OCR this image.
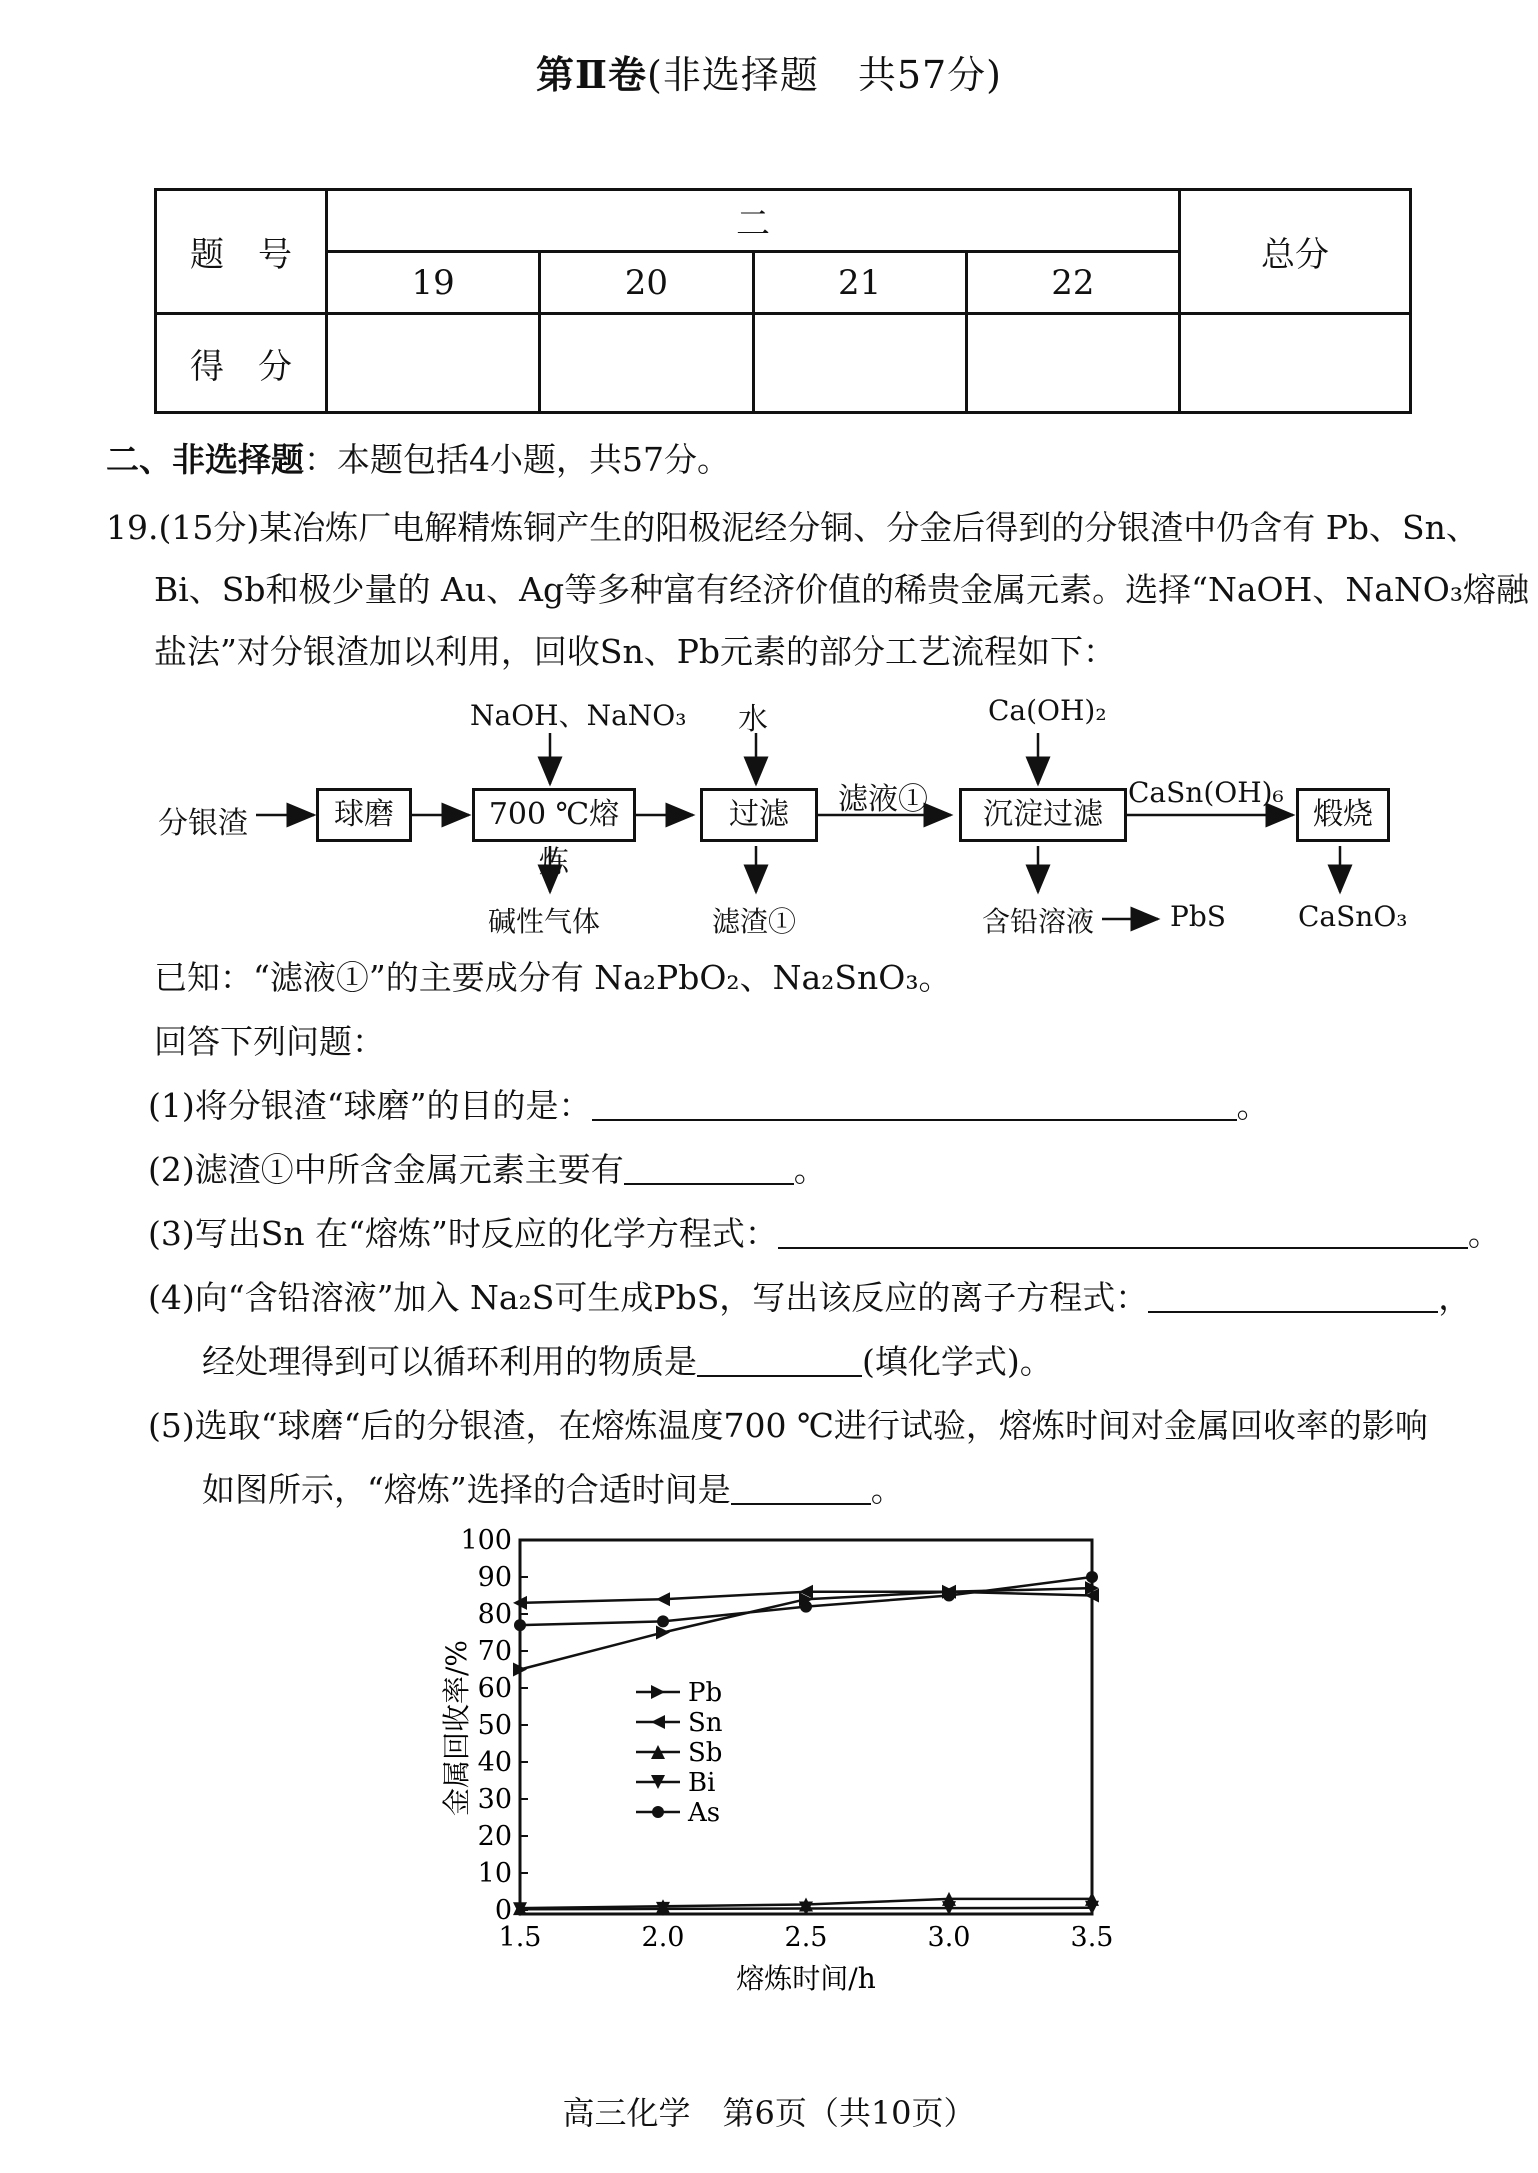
第Ⅱ卷(非选择题　共57分)
题　号	二				总分
	19	20	21	22	
得　分					
二、非选择题：本题包括4小题，共57分。
19.(15分)某冶炼厂电解精炼铜产生的阳极泥经分铜、分金后得到的分银渣中仍含有 Pb、Sn、
Bi、Sb和极少量的 Au、Ag等多种富有经济价值的稀贵金属元素。选择“NaOH、NaNO₃熔融
盐法”对分银渣加以利用，回收Sn、Pb元素的部分工艺流程如下：
分银渣	球磨	700 ℃熔炼
过滤	沉淀过滤	煅烧
NaOH、NaNO₃ 水	Ca(OH)₂
滤液①	CaSn(OH)₆
碱性气体	滤渣①	含铅溶液	PbS	CaSnO₃
已知：“滤液①”的主要成分有 Na₂PbO₂、Na₂SnO₃。
回答下列问题：
(1)将分银渣“球磨”的目的是：	。
(2)滤渣①中所含金属元素主要有	。
(3)写出Sn 在“熔炼”时反应的化学方程式：	。
(4)向“含铅溶液”加入 Na₂S可生成PbS，写出该反应的离子方程式：	，
经处理得到可以循环利用的物质是	(填化学式)。
(5)选取“球磨“后的分银渣，在熔炼温度700 ℃进行试验，熔炼时间对金属回收率的影响
如图所示，“熔炼”选择的合适时间是	。
0
10
20
30
40
50
60
70
80
90
100
1.5	2.0	2.5	3.0	3.5
Pb
Sn
Sb
Bi
As
金属回收率/%
熔炼时间/h
高三化学　第6页（共10页）
